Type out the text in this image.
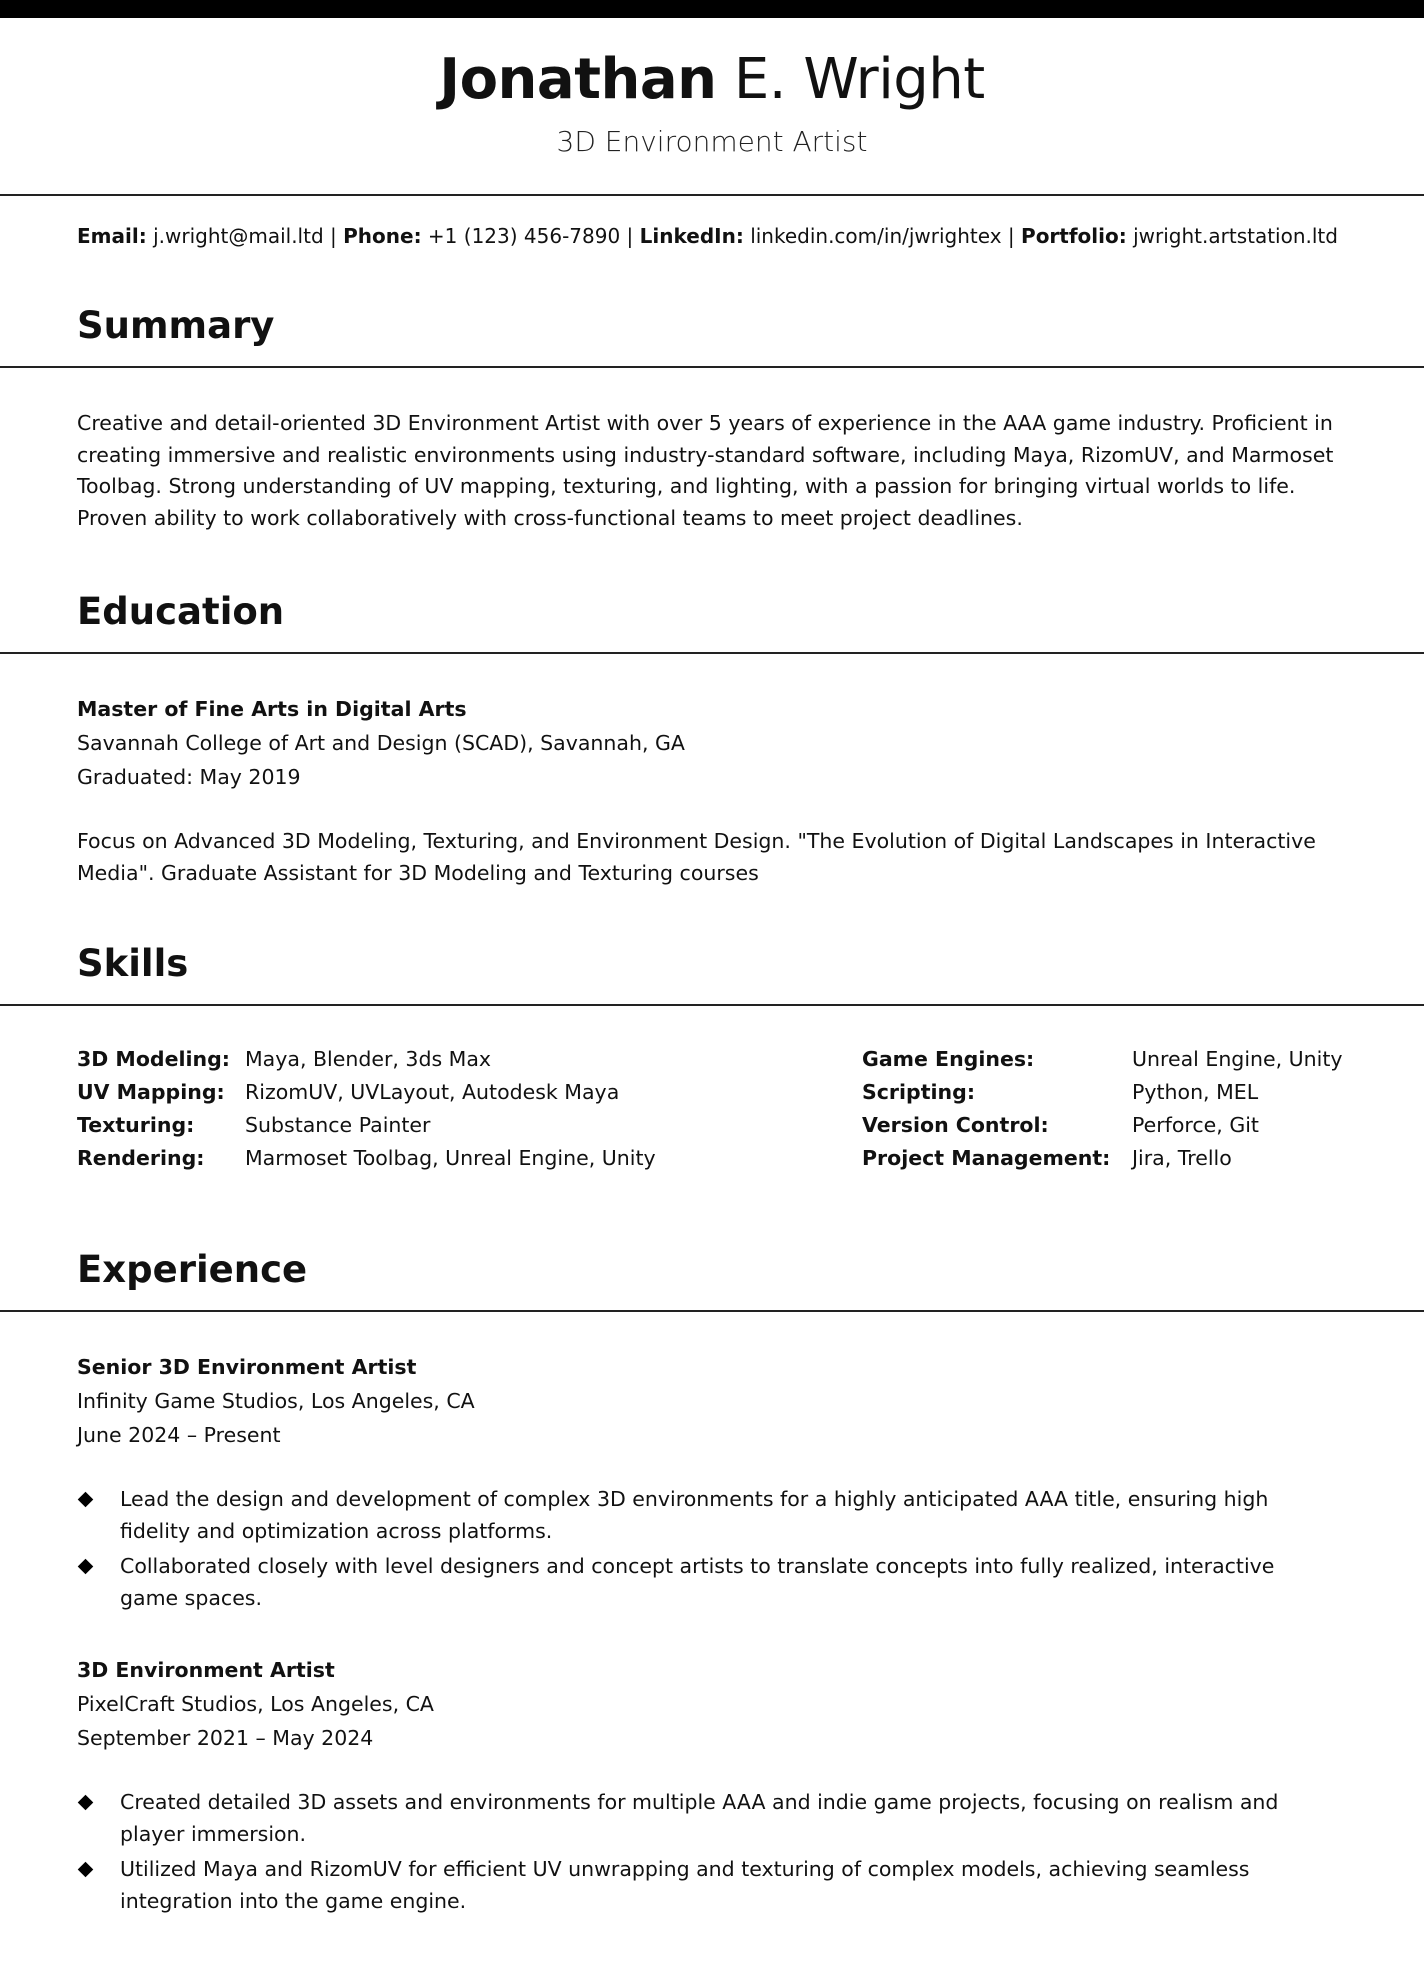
Jonathan E. Wright
3D Environment Artist
Email: j.wright@mail.ltd | Phone: +1 (123) 456-7890 | LinkedIn: linkedin.com/in/jwrightex | Portfolio: jwright.artstation.ltd
Summary
Creative and detail-oriented 3D Environment Artist with over 5 years of experience in the AAA game industry. Proficient in creating immersive and realistic environments using industry-standard software, including Maya, RizomUV, and Marmoset Toolbag. Strong understanding of UV mapping, texturing, and lighting, with a passion for bringing virtual worlds to life. Proven ability to work collaboratively with cross-functional teams to meet project deadlines.
Education
Master of Fine Arts in Digital Arts
Savannah College of Art and Design (SCAD), Savannah, GA
Graduated: May 2019
Focus on Advanced 3D Modeling, Texturing, and Environment Design. "The Evolution of Digital Landscapes in Interactive Media". Graduate Assistant for 3D Modeling and Texturing courses
Skills
3D Modeling: Maya, Blender, 3ds Max
UV Mapping: RizomUV, UVLayout, Autodesk Maya
Texturing:	Substance Painter
Rendering:	Marmoset Toolbag, Unreal Engine, Unity
Game Engines:	Unreal Engine, Unity
Scripting:	Python, MEL
Version Control:	Perforce, Git
Project Management:	Jira, Trello
Experience
Senior 3D Environment Artist
Infinity Game Studios, Los Angeles, CA
June 2024 – Present
Lead the design and development of complex 3D environments for a highly anticipated AAA title, ensuring high fidelity and optimization across platforms.
Collaborated closely with level designers and concept artists to translate concepts into fully realized, interactive game spaces.
3D Environment Artist
PixelCraft Studios, Los Angeles, CA
September 2021 – May 2024
Created detailed 3D assets and environments for multiple AAA and indie game projects, focusing on realism and player immersion.
Utilized Maya and RizomUV for efficient UV unwrapping and texturing of complex models, achieving seamless integration into the game engine.
